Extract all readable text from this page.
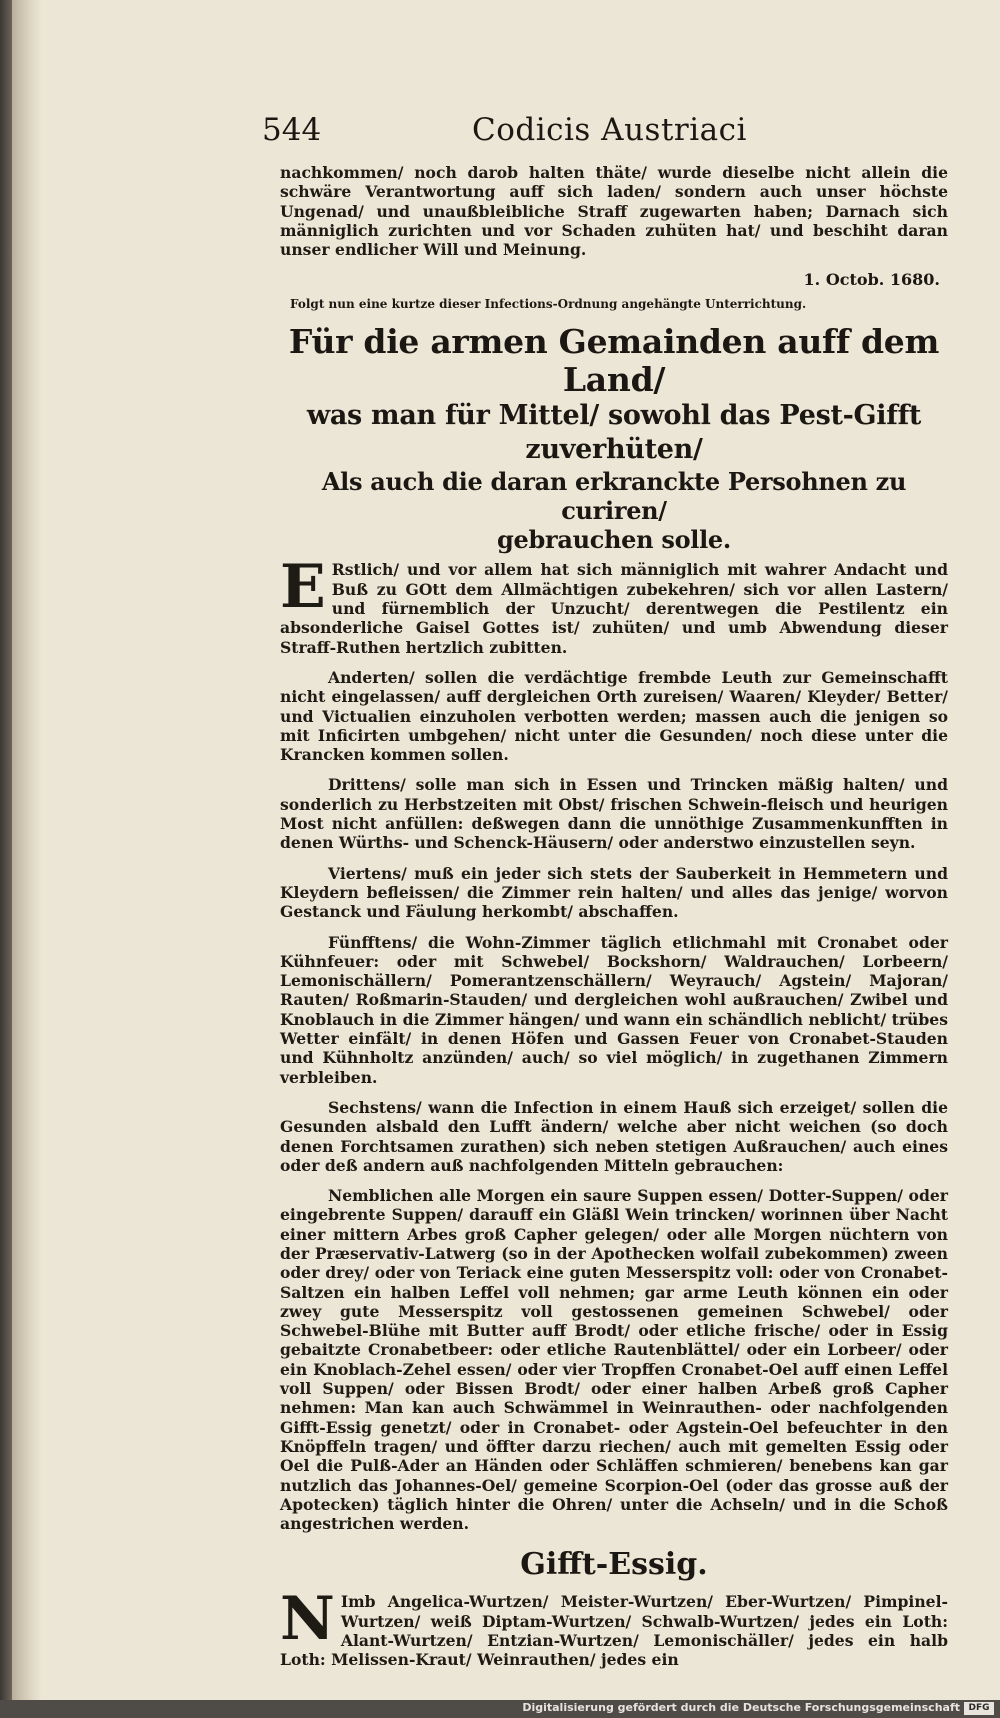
544	Codicis Austriaci

nachkommen/ noch darob halten thäte/ wurde dieselbe nicht allein die schwäre Verantwortung auff sich laden/ sondern auch unser höchste Ungenad/ und unaußbleibliche Straff zugewarten haben; Darnach sich männiglich zurichten und vor Schaden zuhüten hat/ und beschiht daran unser endlicher Will und Meinung.

1. Octob. 1680.
Folgt nun eine kurtze dieser Infections-Ordnung angehängte Unterrichtung.
Für die armen Gemainden auff dem Land/
was man für Mittel/ sowohl das Pest-Gifft zuverhüten/
Als auch die daran erkranckte Persohnen zu curiren/
gebrauchen solle.

E Rstlich/ und vor allem hat sich männiglich mit wahrer Andacht und Buß zu GOtt dem Allmächtigen zubekehren/ sich vor allen Lastern/ und fürnemblich der Unzucht/ derentwegen die Pestilentz ein absonderliche Gaisel Gottes ist/ zuhüten/ und umb Abwendung dieser Straff-Ruthen hertzlich zubitten.

Anderten/ sollen die verdächtige frembde Leuth zur Gemeinschafft nicht eingelassen/ auff dergleichen Orth zureisen/ Waaren/ Kleyder/ Better/ und Victualien einzuholen verbotten werden; massen auch die jenigen so mit Inficirten umbgehen/ nicht unter die Gesunden/ noch diese unter die Krancken kommen sollen.

Drittens/ solle man sich in Essen und Trincken mäßig halten/ und sonderlich zu Herbstzeiten mit Obst/ frischen Schwein-fleisch und heurigen Most nicht anfüllen: deßwegen dann die unnöthige Zusammenkunfften in denen Würths- und Schenck-Häusern/ oder anderstwo einzustellen seyn.

Viertens/ muß ein jeder sich stets der Sauberkeit in Hemmetern und Kleydern befleissen/ die Zimmer rein halten/ und alles das jenige/ worvon Gestanck und Fäulung herkombt/ abschaffen.

Fünfftens/ die Wohn-Zimmer täglich etlichmahl mit Cronabet oder Kühnfeuer: oder mit Schwebel/ Bockshorn/ Waldrauchen/ Lorbeern/ Lemonischällern/ Pomerantzenschällern/ Weyrauch/ Agstein/ Majoran/ Rauten/ Roßmarin-Stauden/ und dergleichen wohl außrauchen/ Zwibel und Knoblauch in die Zimmer hängen/ und wann ein schändlich neblicht/ trübes Wetter einfält/ in denen Höfen und Gassen Feuer von Cronabet-Stauden und Kühnholtz anzünden/ auch/ so viel möglich/ in zugethanen Zimmern verbleiben.

Sechstens/ wann die Infection in einem Hauß sich erzeiget/ sollen die Gesunden alsbald den Lufft ändern/ welche aber nicht weichen (so doch denen Forchtsamen zurathen) sich neben stetigen Außrauchen/ auch eines oder deß andern auß nachfolgenden Mitteln gebrauchen:

Nemblichen alle Morgen ein saure Suppen essen/ Dotter-Suppen/ oder eingebrente Suppen/ darauff ein Gläßl Wein trincken/ worinnen über Nacht einer mittern Arbes groß Capher gelegen/ oder alle Morgen nüchtern von der Præservativ-Latwerg (so in der Apothecken wolfail zubekommen) zween oder drey/ oder von Teriack eine guten Messerspitz voll: oder von Cronabet-Saltzen ein halben Leffel voll nehmen; gar arme Leuth können ein oder zwey gute Messerspitz voll gestossenen gemeinen Schwebel/ oder Schwebel-Blühe mit Butter auff Brodt/ oder etliche frische/ oder in Essig gebaitzte Cronabetbeer: oder etliche Rautenblättel/ oder ein Lorbeer/ oder ein Knoblach-Zehel essen/ oder vier Tropffen Cronabet-Oel auff einen Leffel voll Suppen/ oder Bissen Brodt/ oder einer halben Arbeß groß Capher nehmen: Man kan auch Schwämmel in Weinrauthen- oder nachfolgenden Gifft-Essig genetzt/ oder in Cronabet- oder Agstein-Oel befeuchter in den Knöpffeln tragen/ und öffter darzu riechen/ auch mit gemelten Essig oder Oel die Pulß-Ader an Händen oder Schläffen schmieren/ benebens kan gar nutzlich das Johannes-Oel/ gemeine Scorpion-Oel (oder das grosse auß der Apotecken) täglich hinter die Ohren/ unter die Achseln/ und in die Schoß angestrichen werden.

Gifft-Essig.

N Imb Angelica-Wurtzen/ Meister-Wurtzen/ Eber-Wurtzen/ Pimpinel-Wurtzen/ weiß Diptam-Wurtzen/ Schwalb-Wurtzen/ jedes ein Loth: Alant-Wurtzen/ Entzian-Wurtzen/ Lemonischäller/ jedes ein halb Loth: Melissen-Kraut/ Weinrauthen/ jedes ein

Digitalisierung gefördert durch die Deutsche Forschungsgemeinschaft DFG
